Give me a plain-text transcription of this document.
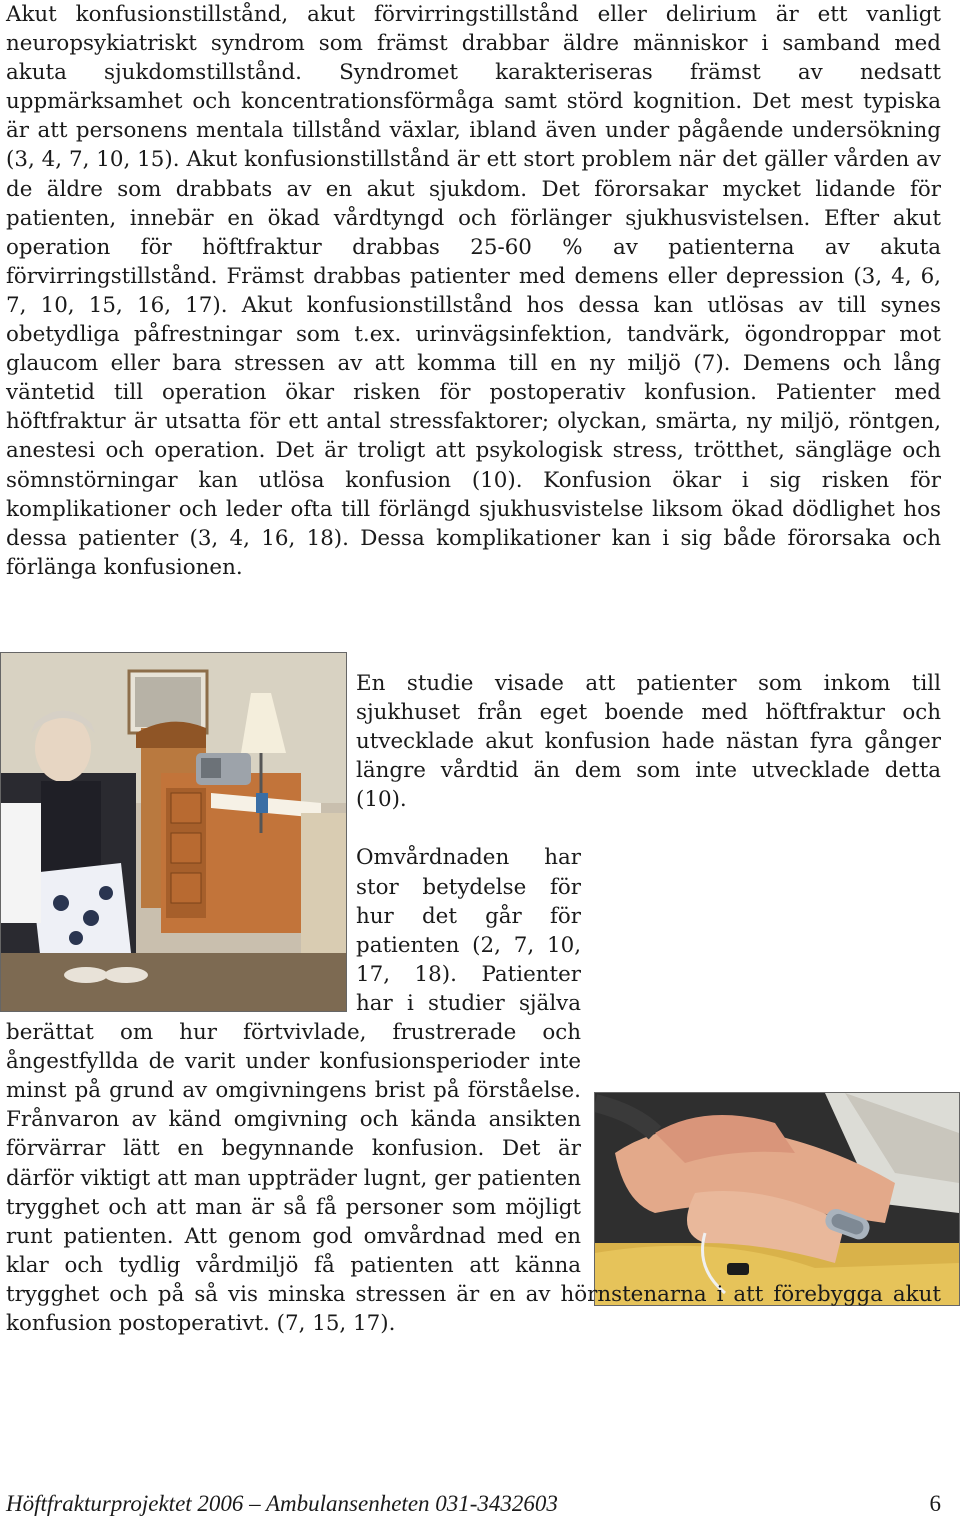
Akut konfusionstillstånd, akut förvirringstillstånd eller delirium är ett vanligt neuropsykiatriskt syndrom som främst drabbar äldre människor i samband med akuta sjukdomstillstånd. Syndromet karakteriseras främst av nedsatt uppmärksamhet och koncentrationsförmåga samt störd kognition. Det mest typiska är att personens mentala tillstånd växlar, ibland även under pågående undersökning (3, 4, 7, 10, 15). Akut konfusionstillstånd är ett stort problem när det gäller vården av de äldre som drabbats av en akut sjukdom. Det förorsakar mycket lidande för patienten, innebär en ökad vårdtyngd och förlänger sjukhusvistelsen. Efter akut operation för höftfraktur drabbas 25-60 % av patienterna av akuta förvirringstillstånd. Främst drabbas patienter med demens eller depression (3, 4, 6, 7, 10, 15, 16, 17). Akut konfusionstillstånd hos dessa kan utlösas av till synes obetydliga påfrestningar som t.ex. urinvägsinfektion, tandvärk, ögondroppar mot glaucom eller bara stressen av att komma till en ny miljö (7). Demens och lång väntetid till operation ökar risken för postoperativ konfusion. Patienter med höftfraktur är utsatta för ett antal stressfaktorer; olyckan, smärta, ny miljö, röntgen, anestesi och operation. Det är troligt att psykologisk stress, trötthet, sängläge och sömnstörningar kan utlösa konfusion (10). Konfusion ökar i sig risken för komplikationer och leder ofta till förlängd sjukhusvistelse liksom ökad dödlighet hos dessa patienter (3, 4, 16, 18). Dessa komplikationer kan i sig både förorsaka och förlänga konfusionen.

En studie visade att patienter som inkom till sjukhuset från eget boende med höftfraktur och utvecklade akut konfusion hade nästan fyra gånger längre vårdtid än dem som inte utvecklade detta (10).

Omvårdnaden har stor betydelse för hur det går för patienten (2, 7, 10, 17, 18). Patienter har i studier själva berättat om hur förtvivlade, frustrerade och ångestfyllda de varit under konfusionsperioder inte minst på grund av omgivningens brist på förståelse. Frånvaron av känd omgivning och kända ansikten förvärrar lätt en begynnande konfusion. Det är därför viktigt att man uppträder lugnt, ger patienten trygghet och att man är så få personer som möjligt runt patienten. Att genom god omvårdnad med en klar och tydlig vårdmiljö få patienten att känna trygghet och på så vis minska stressen är en av hörnstenarna i att förebygga akut konfusion postoperativt. (7, 15, 17).

Höftfrakturprojektet 2006 – Ambulansenheten 031-3432603	6
